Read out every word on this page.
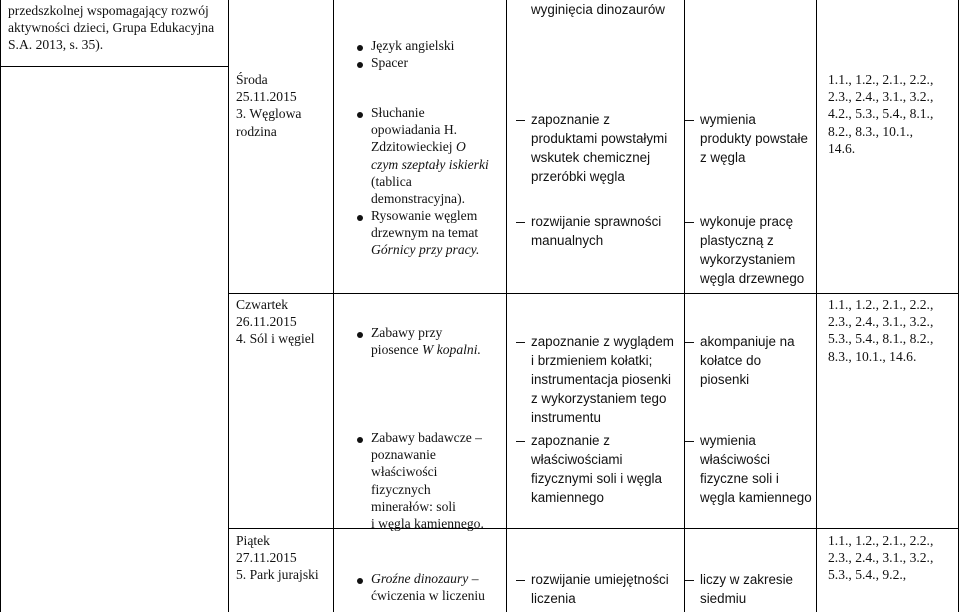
przedszkolnej wspomagający rozwój
aktywności dzieci, Grupa Edukacyjna
S.A. 2013, s. 35).
Środa
25.11.2015
3. Węglowa
rodzina
Czwartek
26.11.2015
4. Sól i węgiel
Piątek
27.11.2015
5. Park jurajski
Język angielski
Spacer
Słuchanie
opowiadania H.
Zdzitowieckiej O
czym szeptały iskierki
(tablica
demonstracyjna).
Rysowanie węglem
drzewnym na temat
Górnicy przy pracy.
Zabawy przy
piosence W kopalni.
Zabawy badawcze –
poznawanie
właściwości
fizycznych
minerałów: soli
i węgla kamiennego.
Groźne dinozaury –
ćwiczenia w liczeniu
wyginięcia dinozaurów
zapoznanie z
produktami powstałymi
wskutek chemicznej
przeróbki węgla
rozwijanie sprawności
manualnych
zapoznanie z wyglądem
i brzmieniem kołatki;
instrumentacja piosenki
z wykorzystaniem tego
instrumentu
zapoznanie z
właściwościami
fizycznymi soli i węgla
kamiennego
rozwijanie umiejętności
liczenia
wymienia
produkty powstałe
z węgla
wykonuje pracę
plastyczną z
wykorzystaniem
węgla drzewnego
akompaniuje na
kołatce do
piosenki
wymienia
właściwości
fizyczne soli i
węgla kamiennego
liczy w zakresie
siedmiu
1.1., 1.2., 2.1., 2.2.,
2.3., 2.4., 3.1., 3.2.,
4.2., 5.3., 5.4., 8.1.,
8.2., 8.3., 10.1.,
14.6.
1.1., 1.2., 2.1., 2.2.,
2.3., 2.4., 3.1., 3.2.,
5.3., 5.4., 8.1., 8.2.,
8.3., 10.1., 14.6.
1.1., 1.2., 2.1., 2.2.,
2.3., 2.4., 3.1., 3.2.,
5.3., 5.4., 9.2.,
